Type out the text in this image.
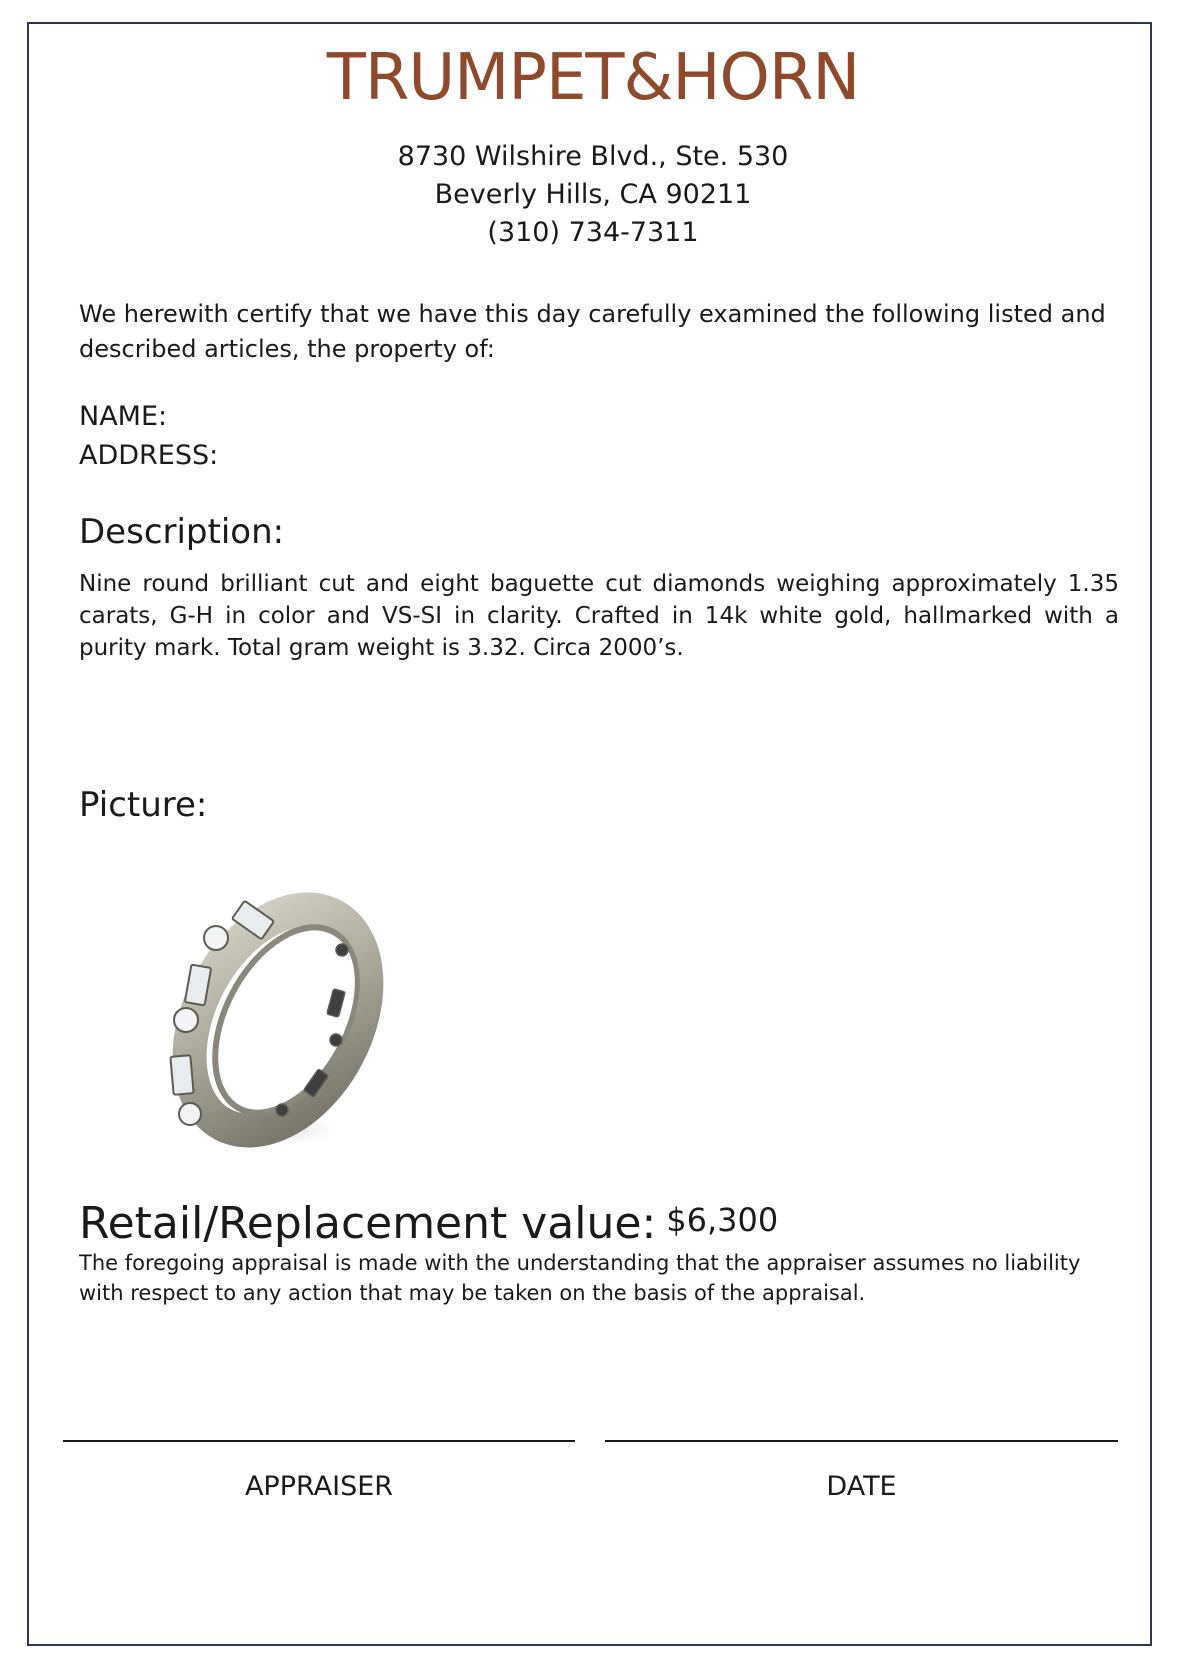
TRUMPET&HORN
8730 Wilshire Blvd., Ste. 530
Beverly Hills, CA 90211
(310) 734-7311
We herewith certify that we have this day carefully examined the following listed and described articles, the property of:
NAME:
ADDRESS:
Description:
Nine round brilliant cut and eight baguette cut diamonds weighing approximately 1.35 carats, G-H in color and VS-SI in clarity. Crafted in 14k white gold, hallmarked with a purity mark. Total gram weight is 3.32. Circa 2000’s.
Picture:
Retail/Replacement value: $6,300
The foregoing appraisal is made with the understanding that the appraiser assumes no liability with respect to any action that may be taken on the basis of the appraisal.
APPRAISER	DATE
